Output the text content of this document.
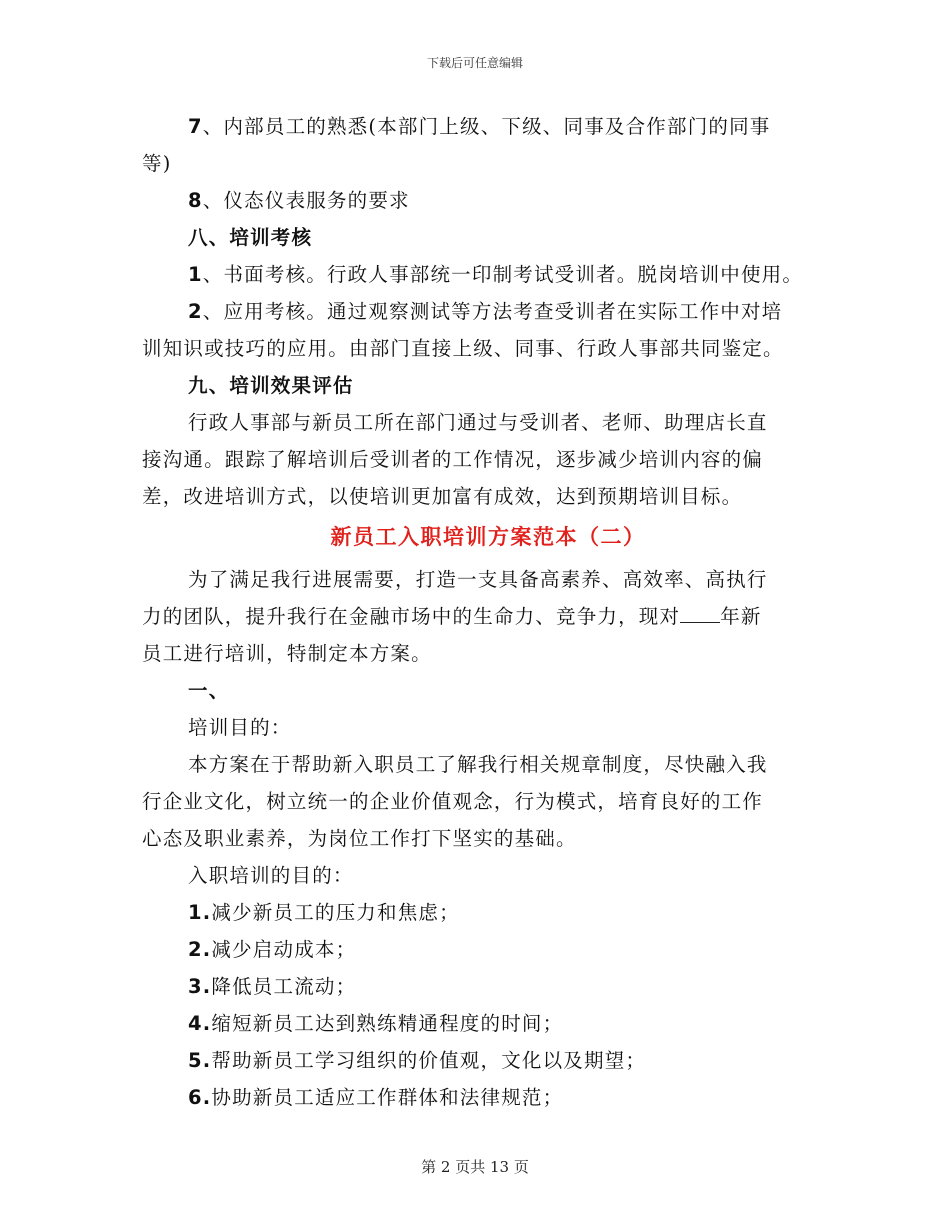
下载后可任意编辑
7、内部员工的熟悉(本部门上级、下级、同事及合作部门的同事
等)
8、仪态仪表服务的要求
八、培训考核
1、书面考核。行政人事部统一印制考试受训者。脱岗培训中使用。
2、应用考核。通过观察测试等方法考查受训者在实际工作中对培
训知识或技巧的应用。由部门直接上级、同事、行政人事部共同鉴定。
九、培训效果评估
行政人事部与新员工所在部门通过与受训者、老师、助理店长直
接沟通。跟踪了解培训后受训者的工作情况，逐步减少培训内容的偏
差，改进培训方式，以使培训更加富有成效，达到预期培训目标。
新员工入职培训方案范本（二）
为了满足我行进展需要，打造一支具备高素养、高效率、高执行
力的团队，提升我行在金融市场中的生命力、竞争力，现对 年新
员工进行培训，特制定本方案。
一、
培训目的：
本方案在于帮助新入职员工了解我行相关规章制度，尽快融入我
行企业文化，树立统一的企业价值观念，行为模式，培育良好的工作
心态及职业素养，为岗位工作打下坚实的基础。
入职培训的目的：
1.减少新员工的压力和焦虑；
2.减少启动成本；
3.降低员工流动；
4.缩短新员工达到熟练精通程度的时间；
5.帮助新员工学习组织的价值观，文化以及期望；
6.协助新员工适应工作群体和法律规范；
第 2 页共 13 页
